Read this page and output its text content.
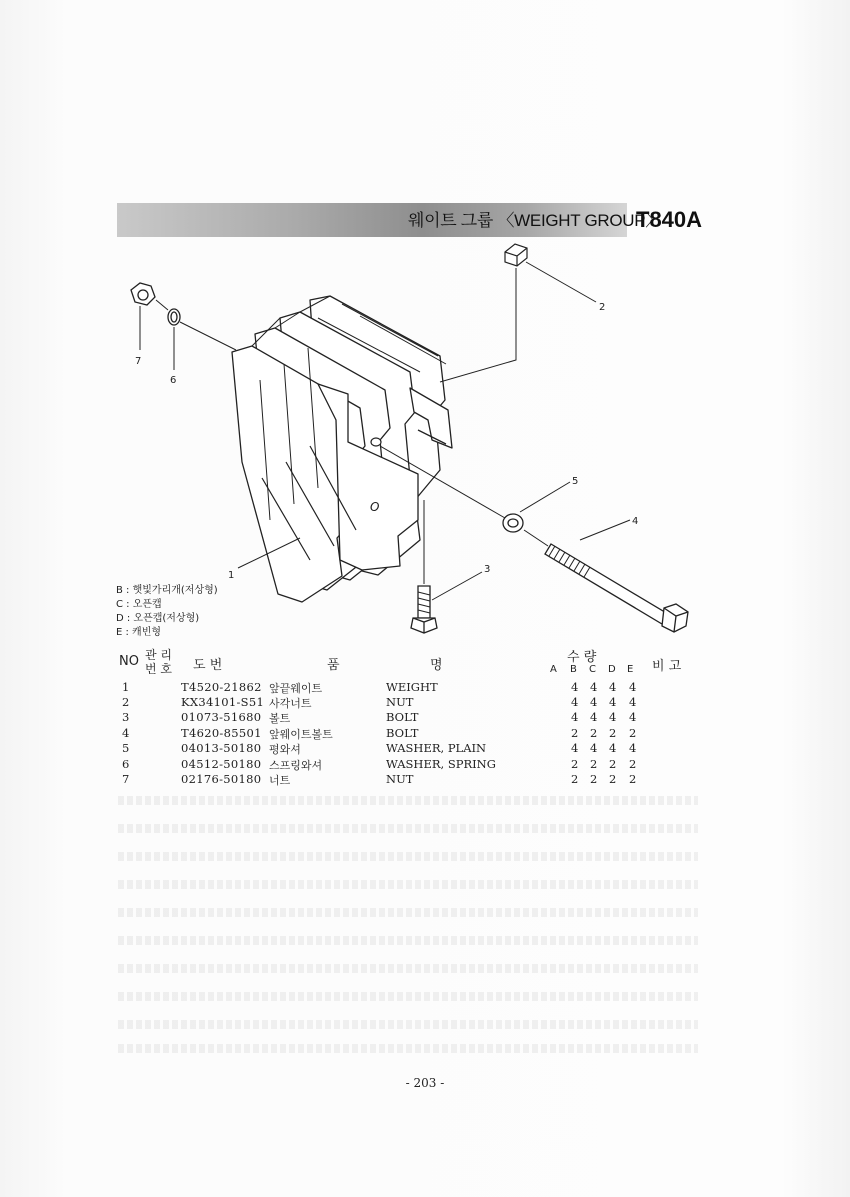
웨이트 그룹 〈WEIGHT GROUP〉
T840A
O
1
2
3
4
5
6
7
B : 햇빛가리개(저상형)
C : 오픈캡
D : 오픈캡(저상형)
E : 캐빈형
NO 관 리
번 호 도 번	품	명
수 량
A B C D E 비 고
1	T4520-21862 앞끝웨이트	WEIGHT	4 4 4 4
2	KX34101-S51 사각너트	NUT	4 4 4 4
3	01073-51680 볼트	BOLT	4 4 4 4
4	T4620-85501 앞웨이트볼트	BOLT	2 2 2 2
5	04013-50180 평와셔	WASHER, PLAIN	4 4 4 4
6	04512-50180 스프링와셔	WASHER, SPRING	2 2 2 2
7	02176-50180 너트	NUT	2 2 2 2
- 203 -
